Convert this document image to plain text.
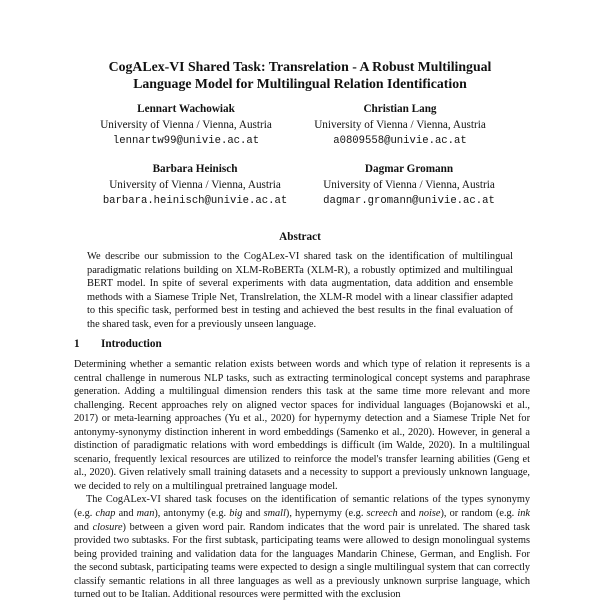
CogALex-VI Shared Task: Transrelation - A Robust Multilingual
Language Model for Multilingual Relation Identification
Lennart Wachowiak
University of Vienna / Vienna, Austria
lennartw99@univie.ac.at
Christian Lang
University of Vienna / Vienna, Austria
a0809558@univie.ac.at
Barbara Heinisch
University of Vienna / Vienna, Austria
barbara.heinisch@univie.ac.at
Dagmar Gromann
University of Vienna / Vienna, Austria
dagmar.gromann@univie.ac.at
Abstract
We describe our submission to the CogALex-VI shared task on the identification of multilingual paradigmatic relations building on XLM-RoBERTa (XLM-R), a robustly optimized and multilingual BERT model. In spite of several experiments with data augmentation, data addition and ensemble methods with a Siamese Triple Net, Translrelation, the XLM-R model with a linear classifier adapted to this specific task, performed best in testing and achieved the best results in the final evaluation of the shared task, even for a previously unseen language.
1 Introduction

Determining whether a semantic relation exists between words and which type of relation it represents is a central challenge in numerous NLP tasks, such as extracting terminological concept systems and paraphrase generation. Adding a multilingual dimension renders this task at the same time more relevant and more challenging. Recent approaches rely on aligned vector spaces for individual languages (Bojanowski et al., 2017) or meta-learning approaches (Yu et al., 2020) for hypernymy detection and a Siamese Triple Net for antonymy-synonymy distinction inherent in word embeddings (Samenko et al., 2020). However, in general a distinction of paradigmatic relations with word embeddings is difficult (im Walde, 2020). In a multilingual scenario, frequently lexical resources are utilized to reinforce the model's transfer learning abilities (Geng et al., 2020). Given relatively small training datasets and a necessity to support a previously unknown language, we decided to rely on a multilingual pretrained language model.

The CogALex-VI shared task focuses on the identification of semantic relations of the types synonymy (e.g. chap and man), antonymy (e.g. big and small), hypernymy (e.g. screech and noise), or random (e.g. ink and closure) between a given word pair. Random indicates that the word pair is unrelated. The shared task provided two subtasks. For the first subtask, participating teams were allowed to design monolingual systems being provided training and validation data for the languages Mandarin Chinese, German, and English. For the second subtask, participating teams were expected to design a single multilingual system that can correctly classify semantic relations in all three languages as well as a previously unknown surprise language, which turned out to be Italian. Additional resources were permitted with the exclusion
